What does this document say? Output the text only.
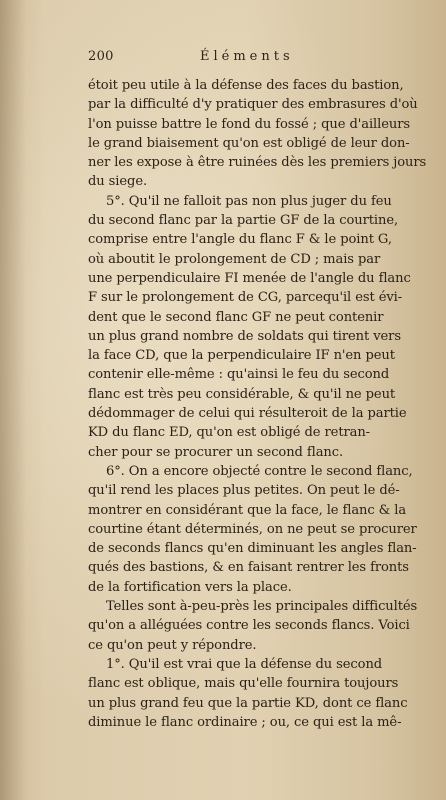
200	Éléments
étoit peu utile à la défense des faces du bastion,
par la difficulté d'y pratiquer des embrasures d'où
l'on puisse battre le fond du fossé ; que d'ailleurs
le grand biaisement qu'on est obligé de leur don-
ner les expose à être ruinées dès les premiers jours
du siege.
5°. Qu'il ne falloit pas non plus juger du feu
du second flanc par la partie GF de la courtine,
comprise entre l'angle du flanc F & le point G,
où aboutit le prolongement de CD ; mais par
une perpendiculaire FI menée de l'angle du flanc
F sur le prolongement de CG, parcequ'il est évi-
dent que le second flanc GF ne peut contenir
un plus grand nombre de soldats qui tirent vers
la face CD, que la perpendiculaire IF n'en peut
contenir elle-même : qu'ainsi le feu du second
flanc est très peu considérable, & qu'il ne peut
dédommager de celui qui résulteroit de la partie
KD du flanc ED, qu'on est obligé de retran-
cher pour se procurer un second flanc.
6°. On a encore objecté contre le second flanc,
qu'il rend les places plus petites. On peut le dé-
montrer en considérant que la face, le flanc & la
courtine étant déterminés, on ne peut se procurer
de seconds flancs qu'en diminuant les angles flan-
qués des bastions, & en faisant rentrer les fronts
de la fortification vers la place.
Telles sont à-peu-près les principales difficultés
qu'on a alléguées contre les seconds flancs. Voici
ce qu'on peut y répondre.
1°. Qu'il est vrai que la défense du second
flanc est oblique, mais qu'elle fournira toujours
un plus grand feu que la partie KD, dont ce flanc
diminue le flanc ordinaire ; ou, ce qui est la mê-
